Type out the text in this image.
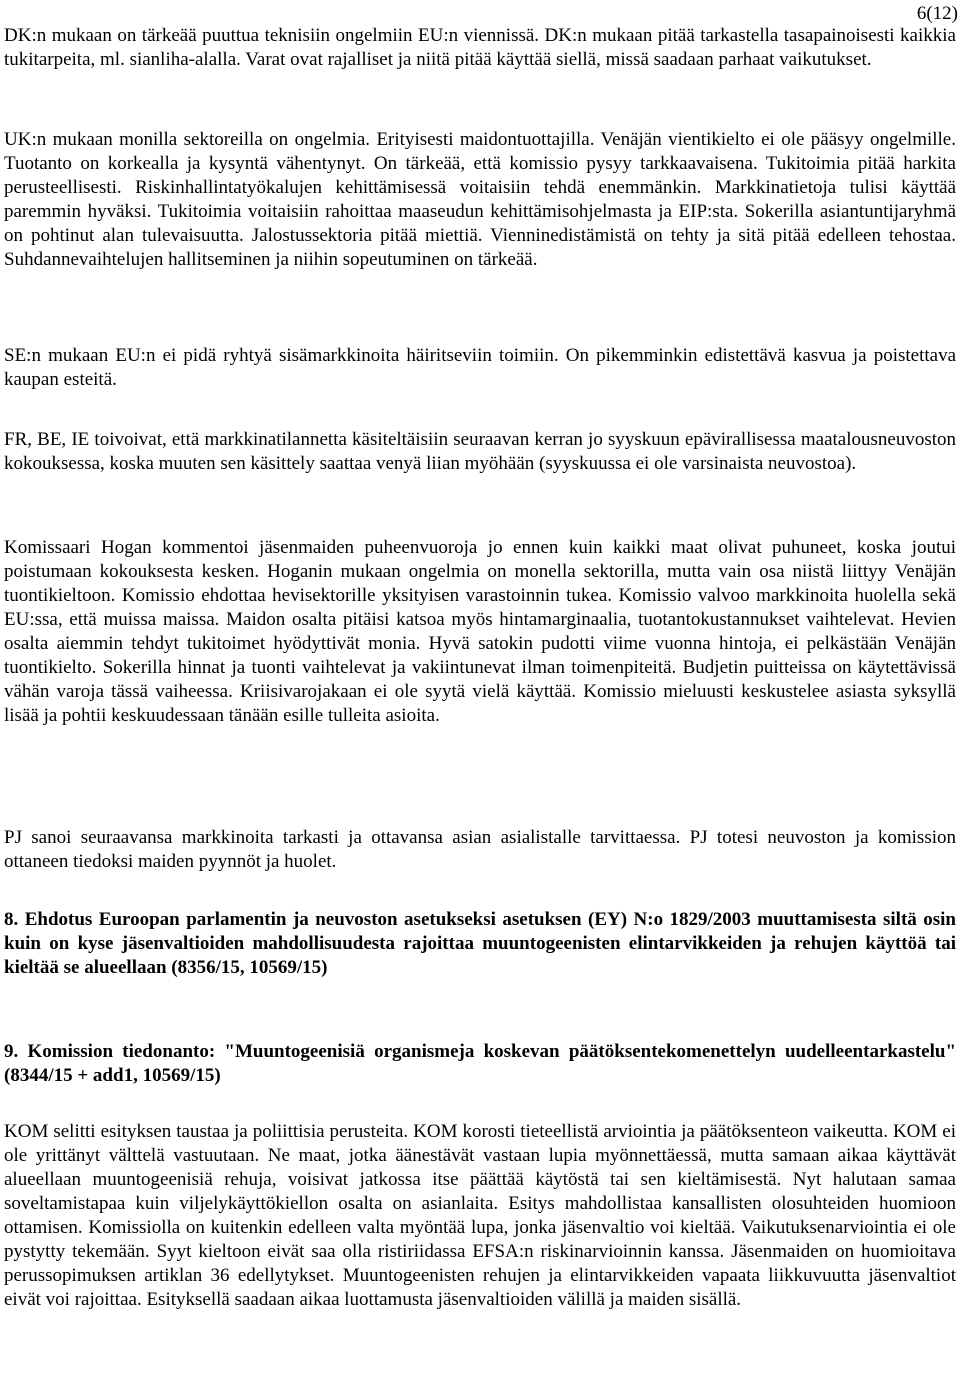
6(12)

DK:n mukaan on tärkeää puuttua teknisiin ongelmiin EU:n viennissä. DK:n mukaan pitää tarkastella tasapainoisesti kaikkia tukitarpeita, ml. sianliha-alalla. Varat ovat rajalliset ja niitä pitää käyttää siellä, missä saadaan parhaat vaikutukset.

UK:n mukaan monilla sektoreilla on ongelmia. Erityisesti maidontuottajilla. Venäjän vientikielto ei ole pääsyy ongelmille. Tuotanto on korkealla ja kysyntä vähentynyt. On tärkeää, että komissio pysyy tarkkaavaisena. Tukitoimia pitää harkita perusteellisesti. Riskinhallintatyökalujen kehittämisessä voitaisiin tehdä enemmänkin. Markkinatietoja tulisi käyttää paremmin hyväksi. Tukitoimia voitaisiin rahoittaa maaseudun kehittämisohjelmasta ja EIP:sta. Sokerilla asiantuntijaryhmä on pohtinut alan tulevaisuutta. Jalostussektoria pitää miettiä. Vienninedistämistä on tehty ja sitä pitää edelleen tehostaa. Suhdannevaihtelujen hallitseminen ja niihin sopeutuminen on tärkeää.

SE:n mukaan EU:n ei pidä ryhtyä sisämarkkinoita häiritseviin toimiin. On pikemminkin edistettävä kasvua ja poistettava kaupan esteitä.

FR, BE, IE toivoivat, että markkinatilannetta käsiteltäisiin seuraavan kerran jo syyskuun epävirallisessa maatalousneuvoston kokouksessa, koska muuten sen käsittely saattaa venyä liian myöhään (syyskuussa ei ole varsinaista neuvostoa).

Komissaari Hogan kommentoi jäsenmaiden puheenvuoroja jo ennen kuin kaikki maat olivat puhuneet, koska joutui poistumaan kokouksesta kesken. Hoganin mukaan ongelmia on monella sektorilla, mutta vain osa niistä liittyy Venäjän tuontikieltoon. Komissio ehdottaa hevisektorille yksityisen varastoinnin tukea. Komissio valvoo markkinoita huolella sekä EU:ssa, että muissa maissa. Maidon osalta pitäisi katsoa myös hintamarginaalia, tuotantokustannukset vaihtelevat. Hevien osalta aiemmin tehdyt tukitoimet hyödyttivät monia. Hyvä satokin pudotti viime vuonna hintoja, ei pelkästään Venäjän tuontikielto. Sokerilla hinnat ja tuonti vaihtelevat ja vakiintunevat ilman toimenpiteitä. Budjetin puitteissa on käytettävissä vähän varoja tässä vaiheessa. Kriisivarojakaan ei ole syytä vielä käyttää. Komissio mieluusti keskustelee asiasta syksyllä lisää ja pohtii keskuudessaan tänään esille tulleita asioita.

PJ sanoi seuraavansa markkinoita tarkasti ja ottavansa asian asialistalle tarvittaessa. PJ totesi neuvoston ja komission ottaneen tiedoksi maiden pyynnöt ja huolet.

8. Ehdotus Euroopan parlamentin ja neuvoston asetukseksi asetuksen (EY) N:o 1829/2003 muuttamisesta siltä osin kuin on kyse jäsenvaltioiden mahdollisuudesta rajoittaa muuntogeenisten elintarvikkeiden ja rehujen käyttöä tai kieltää se alueellaan (8356/15, 10569/15)

9. Komission tiedonanto: "Muuntogeenisiä organismeja koskevan päätöksentekomenettelyn uudelleentarkastelu" (8344/15 + add1, 10569/15)

KOM selitti esityksen taustaa ja poliittisia perusteita. KOM korosti tieteellistä arviointia ja päätöksenteon vaikeutta. KOM ei ole yrittänyt välttelä vastuutaan. Ne maat, jotka äänestävät vastaan lupia myönnettäessä, mutta samaan aikaa käyttävät alueellaan muuntogeenisiä rehuja, voisivat jatkossa itse päättää käytöstä tai sen kieltämisestä. Nyt halutaan samaa soveltamistapaa kuin viljelykäyttökiellon osalta on asianlaita. Esitys mahdollistaa kansallisten olosuhteiden huomioon ottamisen. Komissiolla on kuitenkin edelleen valta myöntää lupa, jonka jäsenvaltio voi kieltää. Vaikutuksenarviointia ei ole pystytty tekemään. Syyt kieltoon eivät saa olla ristiriidassa EFSA:n riskinarvioinnin kanssa. Jäsenmaiden on huomioitava perussopimuksen artiklan 36 edellytykset. Muuntogeenisten rehujen ja elintarvikkeiden vapaata liikkuvuutta jäsenvaltiot eivät voi rajoittaa. Esityksellä saadaan aikaa luottamusta jäsenvaltioiden välillä ja maiden sisällä.
